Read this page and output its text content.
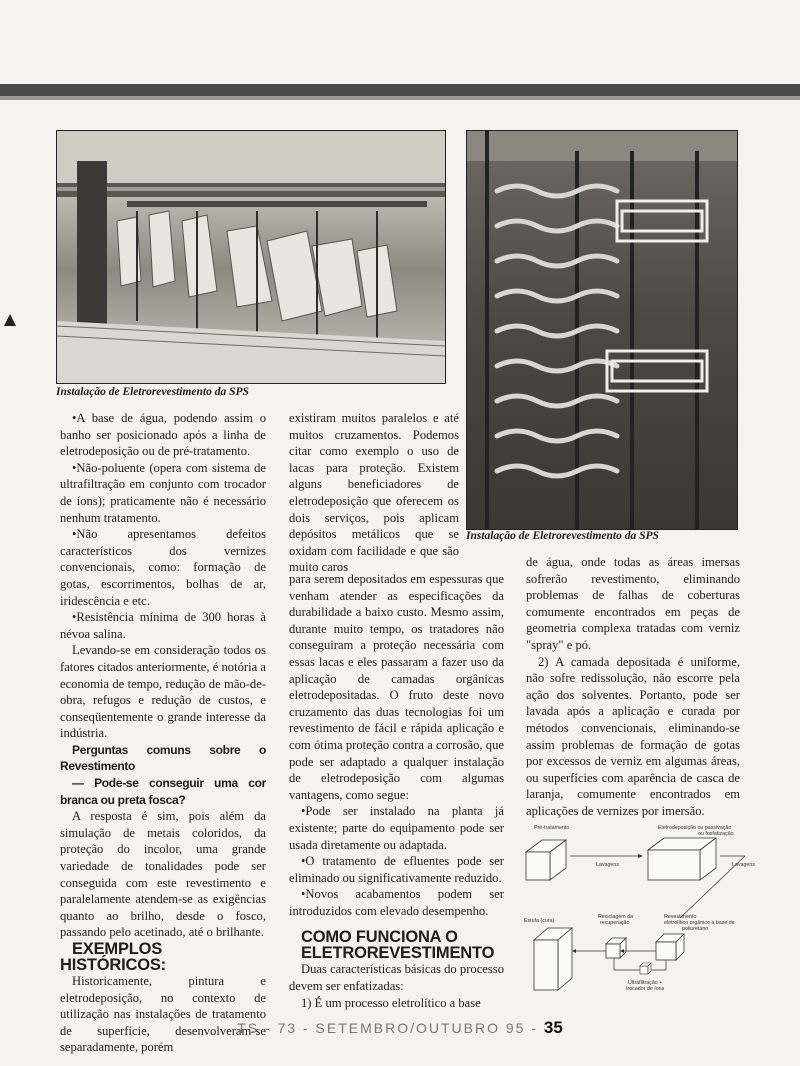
Instalação de Eletrorevestimento da SPS
Instalação de Eletrorevestimento da SPS

• A base de água, podendo assim o banho ser posicionado após a linha de eletrodeposição ou de pré-tratamento.

• Não-poluente (opera com sistema de ultrafiltração em conjunto com trocador de íons); praticamente não é necessário nenhum tratamento.

• Não apresentamos defeitos característicos dos vernizes convencionais, como: formação de gotas, escorrimentos, bolhas de ar, iridescência e etc.

• Resistência mínima de 300 horas à névoa salina.

Levando-se em consideração todos os fatores citados anteriormente, é notória a economia de tempo, redução de mão-de-obra, refugos e redução de custos, e conseqüentemente o grande interesse da indústria.

Perguntas comuns sobre o Revestimento

— Pode-se conseguir uma cor branca ou preta fosca?

A resposta é sim, pois além da simulação de metais coloridos, da proteção do incolor, uma grande variedade de tonalidades pode ser conseguida com este revestimento e paralelamente atendem-se as exigências quanto ao brilho, desde o fosco, passando pelo acetinado, até o brilhante.

EXEMPLOS HISTÓRICOS:

Historicamente, pintura e eletrodeposição, no contexto de utilização nas instalações de tratamento de superfície, desenvolveram-se separadamente, porém

existiram muitos paralelos e até muitos cruzamentos. Podemos citar como exemplo o uso de lacas para proteção. Existem alguns beneficiadores de eletrodeposição que oferecem os dois serviços, pois aplicam depósitos metálicos que se oxidam com facilidade e que são muito caros

para serem depositados em espessuras que venham atender as especificações da durabilidade a baixo custo. Mesmo assim, durante muito tempo, os tratadores não conseguiram a proteção necessária com essas lacas e eles passaram a fazer uso da aplicação de camadas orgânicas eletrodepositadas. O fruto deste novo cruzamento das duas tecnologias foi um revestimento de fácil e rápida aplicação e com ótima proteção contra a corrosão, que pode ser adaptado a qualquer instalação de eletrodeposição com algumas vantagens, como segue:

• Pode ser instalado na planta já existente; parte do equipamento pode ser usada diretamente ou adaptada.

• O tratamento de efluentes pode ser eliminado ou significativamente reduzido.

• Novos acabamentos podem ser introduzidos com elevado desempenho.

COMO FUNCIONA O

ELETROREVESTIMENTO

Duas características básicas do processo devem ser enfatizadas:

1) É um processo eletrolítico a base

de água, onde todas as áreas imersas sofrerão revestimento, eliminando problemas de falhas de coberturas comumente encontrados em peças de geometria complexa tratadas com verniz "spray" e pó.

2) A camada depositada é uniforme, não sofre redissolução, não escorre pela ação dos solventes. Portanto, pode ser lavada após a aplicação e curada por métodos convencionais, eliminando-se assim problemas de formação de gotas por excessos de verniz em algumas áreas, ou superfícies com aparência de casca de laranja, comumente encontrados em aplicações de vernizes por imersão.

Pré-tratamento	Eletrodeposição ou passivação
ou fosfatização
Lavagens	Lavagens
Estufa (cura)
Reciclagem da
recuperação
Revestimento
eletrolítico orgânico a base de
poliuretano
Ultrafiltração +
trocador de íons
TS - 73 - SETEMBRO/OUTUBRO 95 - 35
